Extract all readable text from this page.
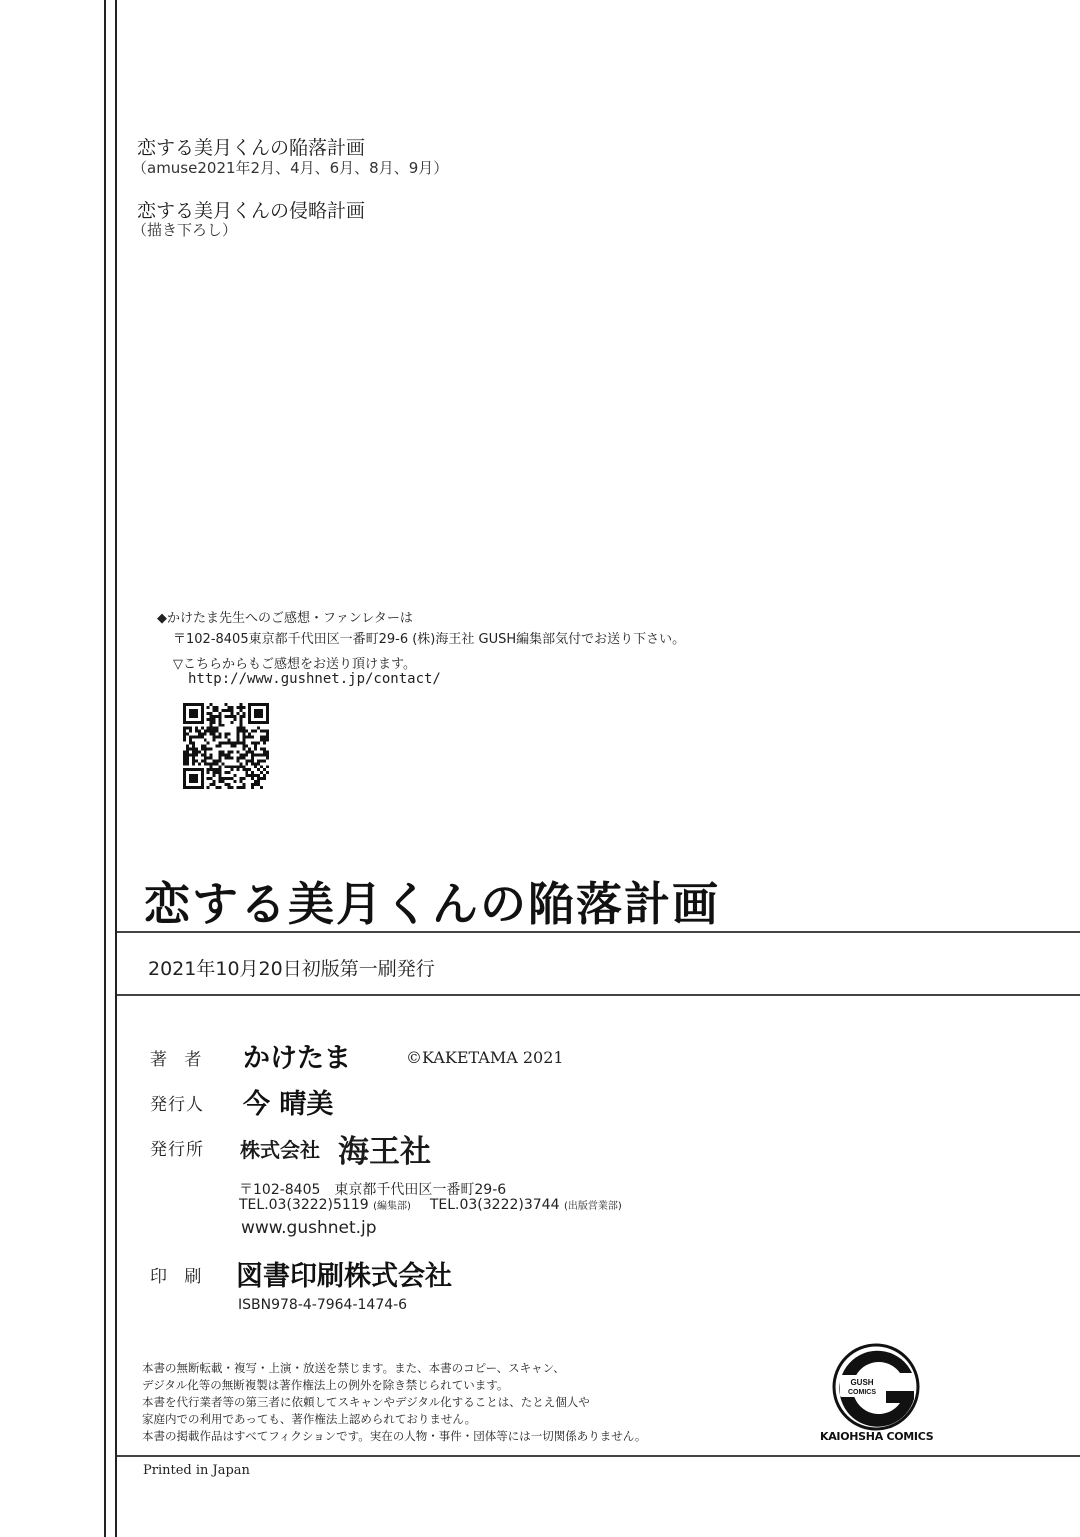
恋する美月くんの陥落計画
（amuse2021年2月、4月、6月、8月、9月）
恋する美月くんの侵略計画
（描き下ろし）
◆かけたま先生へのご感想・ファンレターは
〒102-8405東京都千代田区一番町29-6 (株)海王社 GUSH編集部気付でお送り下さい。
▽こちらからもご感想をお送り頂けます。
http://www.gushnet.jp/contact/
恋する美月くんの陥落計画
2021年10月20日初版第一刷発行
著 者 かけたま	©KAKETAMA 2021
発行人 今 晴美
発行所 株式会社 海王社
〒102-8405　東京都千代田区一番町29-6
TEL.03(3222)5119 (編集部) TEL.03(3222)3744 (出版営業部)
www.gushnet.jp
印 刷 図書印刷株式会社
ISBN978-4-7964-1474-6
本書の無断転載・複写・上演・放送を禁じます。また、本書のコピー、スキャン、
デジタル化等の無断複製は著作権法上の例外を除き禁じられています。
本書を代行業者等の第三者に依頼してスキャンやデジタル化することは、たとえ個人や
家庭内での利用であっても、著作権法上認められておりません。
本書の掲載作品はすべてフィクションです。実在の人物・事件・団体等には一切関係ありません。
GUSH
COMICS
KAIOHSHA COMICS
Printed in Japan
